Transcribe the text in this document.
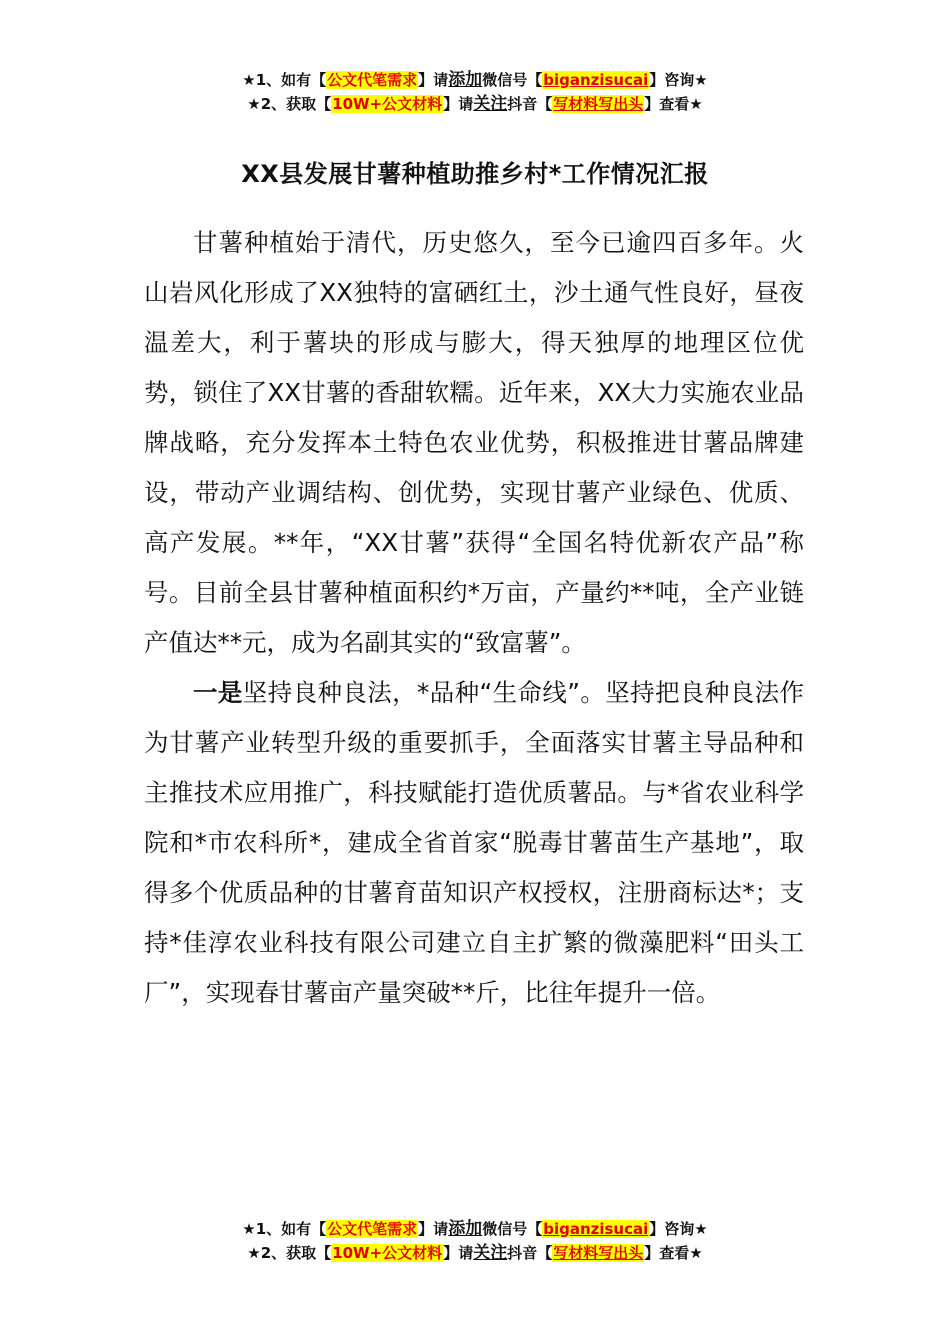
★1、如有【公文代笔需求】请添加微信号【biganzisucai】咨询★
★2、获取【10W+公文材料】请关注抖音【写材料写出头】查看★
XX县发展甘薯种植助推乡村*工作情况汇报

甘薯种植始于清代，历史悠久，至今已逾四百多年。火山岩风化形成了XX独特的富硒红土，沙土通气性良好，昼夜温差大，利于薯块的形成与膨大，得天独厚的地理区位优势，锁住了XX甘薯的香甜软糯。近年来，XX大力实施农业品牌战略，充分发挥本土特色农业优势，积极推进甘薯品牌建设，带动产业调结构、创优势，实现甘薯产业绿色、优质、高产发展。**年，“XX甘薯”获得“全国名特优新农产品”称号。目前全县甘薯种植面积约*万亩，产量约**吨，全产业链产值达**元，成为名副其实的“致富薯”。

一是坚持良种良法，*品种“生命线”。坚持把良种良法作为甘薯产业转型升级的重要抓手，全面落实甘薯主导品种和主推技术应用推广，科技赋能打造优质薯品。与*省农业科学院和*市农科所*，建成全省首家“脱毒甘薯苗生产基地”，取得多个优质品种的甘薯育苗知识产权授权，注册商标达*；支持*佳淳农业科技有限公司建立自主扩繁的微藻肥料“田头工厂”，实现春甘薯亩产量突破**斤，比往年提升一倍。

★1、如有【公文代笔需求】请添加微信号【biganzisucai】咨询★
★2、获取【10W+公文材料】请关注抖音【写材料写出头】查看★
